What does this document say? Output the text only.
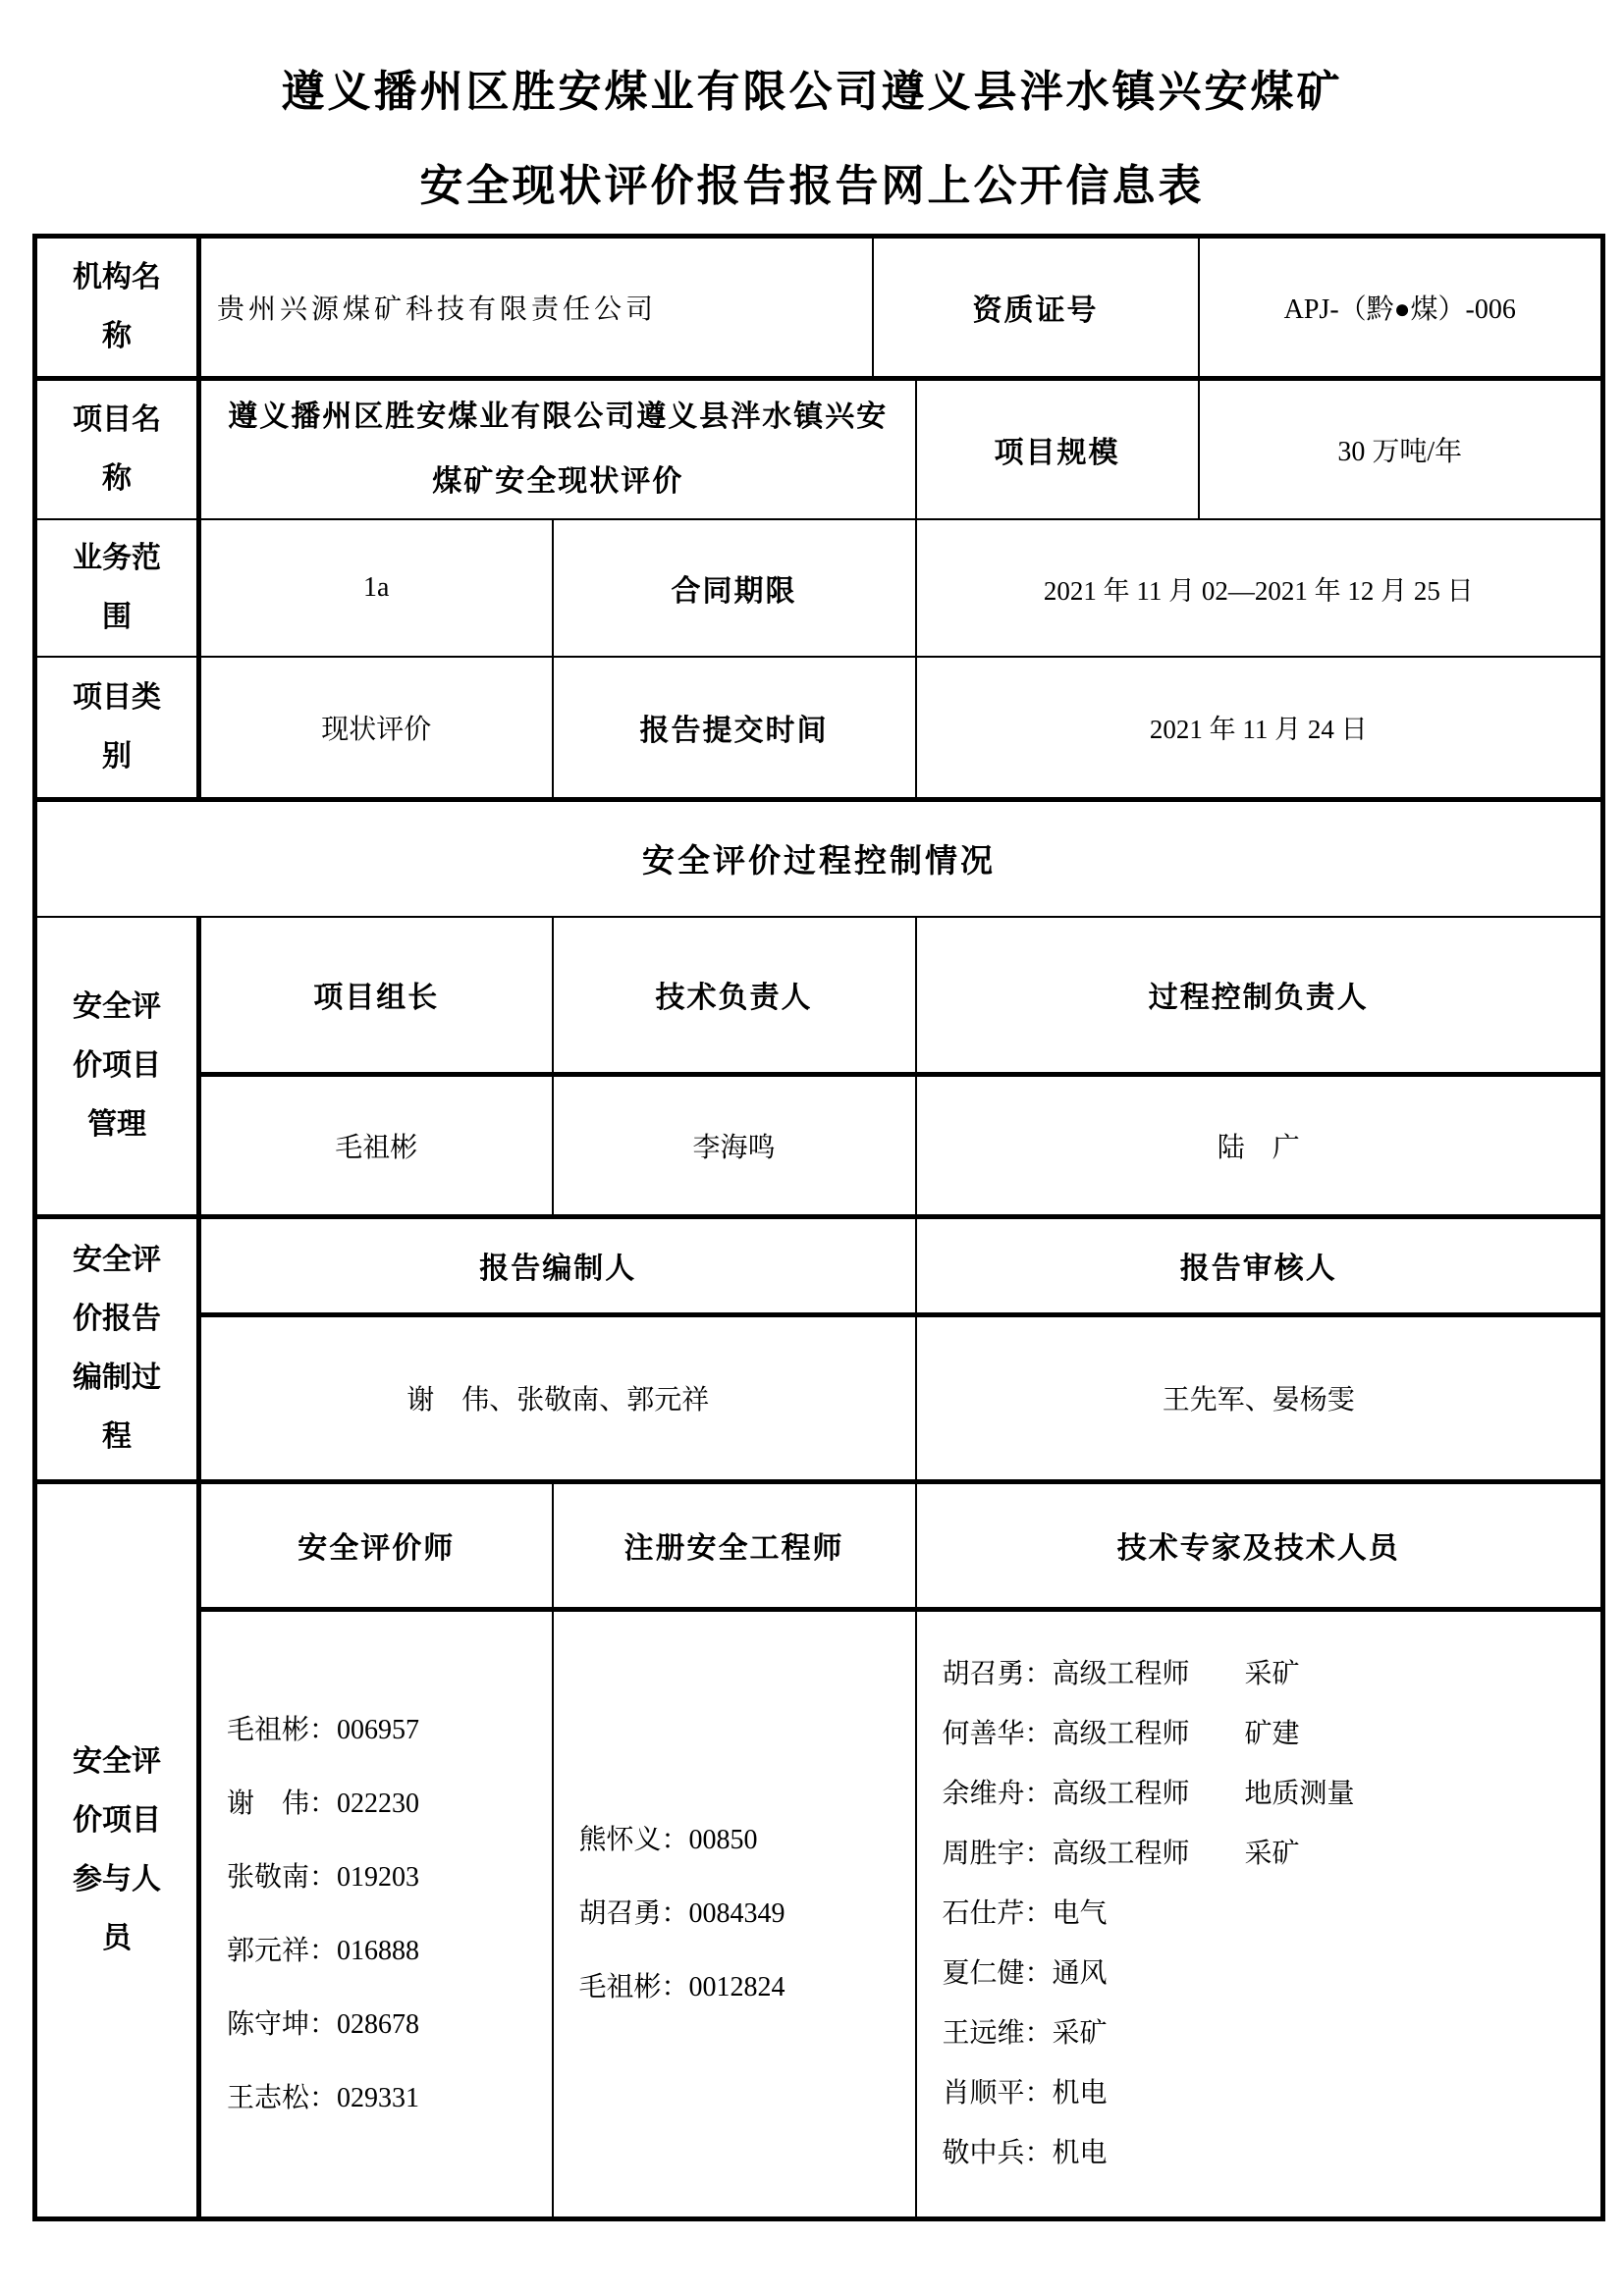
遵义播州区胜安煤业有限公司遵义县泮水镇兴安煤矿
安全现状评价报告报告网上公开信息表
机构名称	贵州兴源煤矿科技有限责任公司		资质证号		APJ-（黔●煤）-006
项目名称	遵义播州区胜安煤业有限公司遵义县泮水镇兴安煤矿安全现状评价			项目规模	30 万吨/年
业务范围	1a	合同期限		2021 年 11 月 02—2021 年 12 月 25 日	
项目类别	现状评价	报告提交时间		2021 年 11 月 24 日	
安全评价过程控制情况					
安全评价项目管理	项目组长	技术负责人		过程控制负责人	
	毛祖彬	李海鸣		陆　广	
安全评价报告编制过程	报告编制人			报告审核人	
	谢　伟、张敬南、郭元祥			王先军、晏杨雯	
安全评价项目参与人员	安全评价师	注册安全工程师		技术专家及技术人员	

毛祖彬：006957
谢　伟：022230
张敬南：019203
郭元祥：016888
陈守坤：028678
王志松：029331

熊怀义：00850
胡召勇：0084349
毛祖彬：0012824

胡召勇：高级工程师　　采矿
何善华：高级工程师　　矿建
余维舟：高级工程师　　地质测量
周胜宇：高级工程师　　采矿
石仕芹：电气
夏仁健：通风
王远维：采矿
肖顺平：机电
敬中兵：机电
